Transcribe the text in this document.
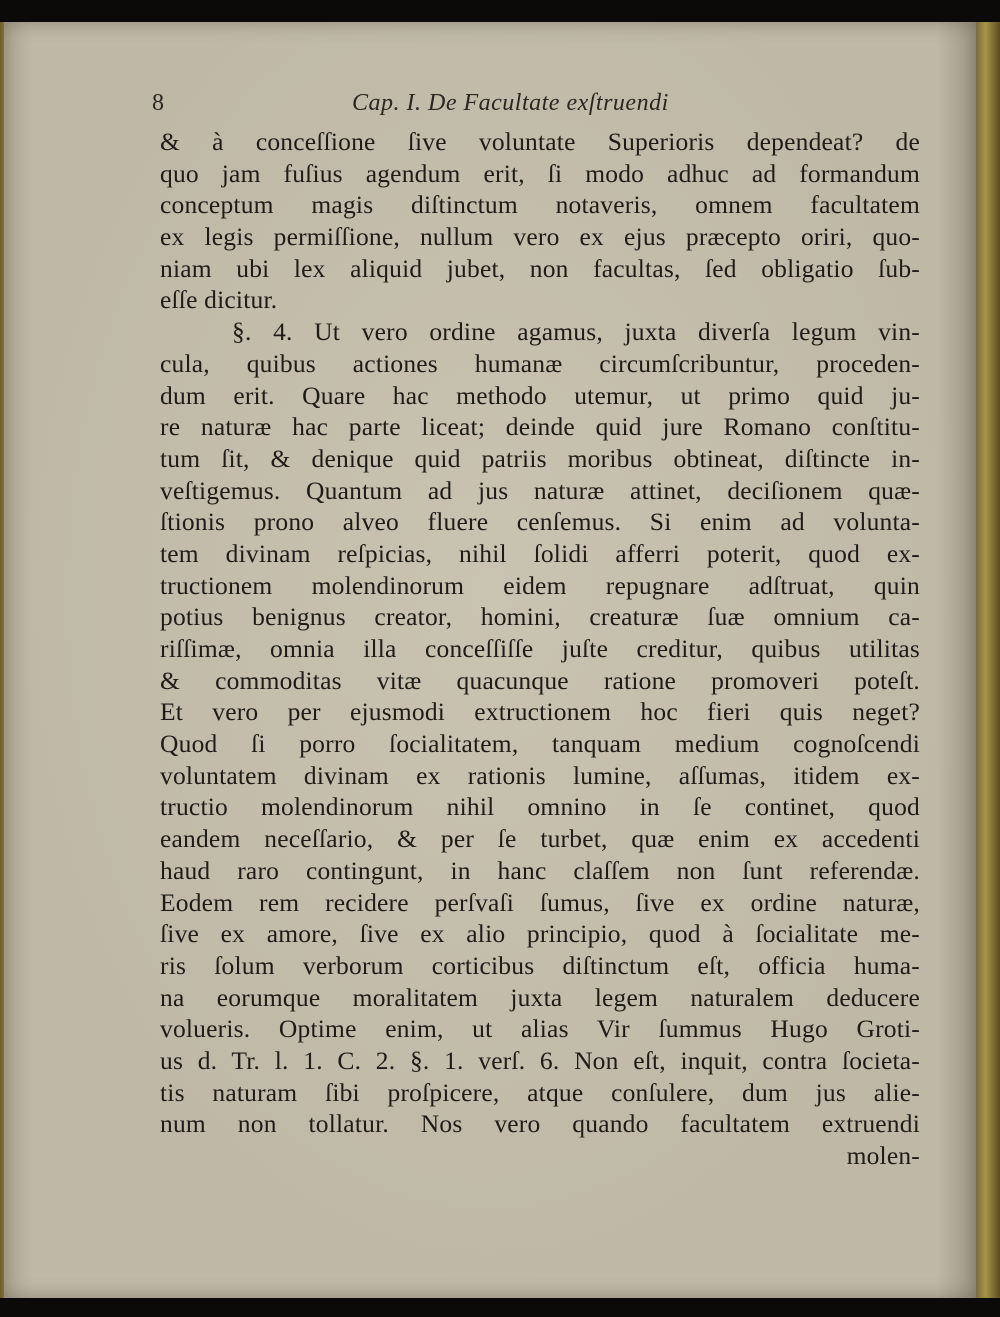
8	Cap. I. De Facultate exſtruendi
& à conceſſione ſive voluntate Superioris dependeat? de
quo jam fuſius agendum erit, ſi modo adhuc ad formandum
conceptum magis diſtinctum notaveris, omnem facultatem
ex legis permiſſione, nullum vero ex ejus præcepto oriri, quo-
niam ubi lex aliquid jubet, non facultas, ſed obligatio ſub-
eſſe dicitur.
§. 4. Ut vero ordine agamus, juxta diverſa legum vin-
cula, quibus actiones humanæ circumſcribuntur, proceden-
dum erit. Quare hac methodo utemur, ut primo quid ju-
re naturæ hac parte liceat; deinde quid jure Romano conſtitu-
tum ſit, & denique quid patriis moribus obtineat, diſtincte in-
veſtigemus. Quantum ad jus naturæ attinet, deciſionem quæ-
ſtionis prono alveo fluere cenſemus. Si enim ad volunta-
tem divinam reſpicias, nihil ſolidi afferri poterit, quod ex-
tructionem molendinorum eidem repugnare adſtruat, quin
potius benignus creator, homini, creaturæ ſuæ omnium ca-
riſſimæ, omnia illa conceſſiſſe juſte creditur, quibus utilitas
& commoditas vitæ quacunque ratione promoveri poteſt.
Et vero per ejusmodi extructionem hoc fieri quis neget?
Quod ſi porro ſocialitatem, tanquam medium cognoſcendi
voluntatem divinam ex rationis lumine, aſſumas, itidem ex-
tructio molendinorum nihil omnino in ſe continet, quod
eandem neceſſario, & per ſe turbet, quæ enim ex accedenti
haud raro contingunt, in hanc claſſem non ſunt referendæ.
Eodem rem recidere perſvaſi ſumus, ſive ex ordine naturæ,
ſive ex amore, ſive ex alio principio, quod à ſocialitate me-
ris ſolum verborum corticibus diſtinctum eſt, officia huma-
na eorumque moralitatem juxta legem naturalem deducere
volueris. Optime enim, ut alias Vir ſummus Hugo Groti-
us d. Tr. l. 1. C. 2. §. 1. verſ. 6. Non eſt, inquit, contra ſocieta-
tis naturam ſibi proſpicere, atque conſulere, dum jus alie-
num non tollatur. Nos vero quando facultatem extruendi
molen-
